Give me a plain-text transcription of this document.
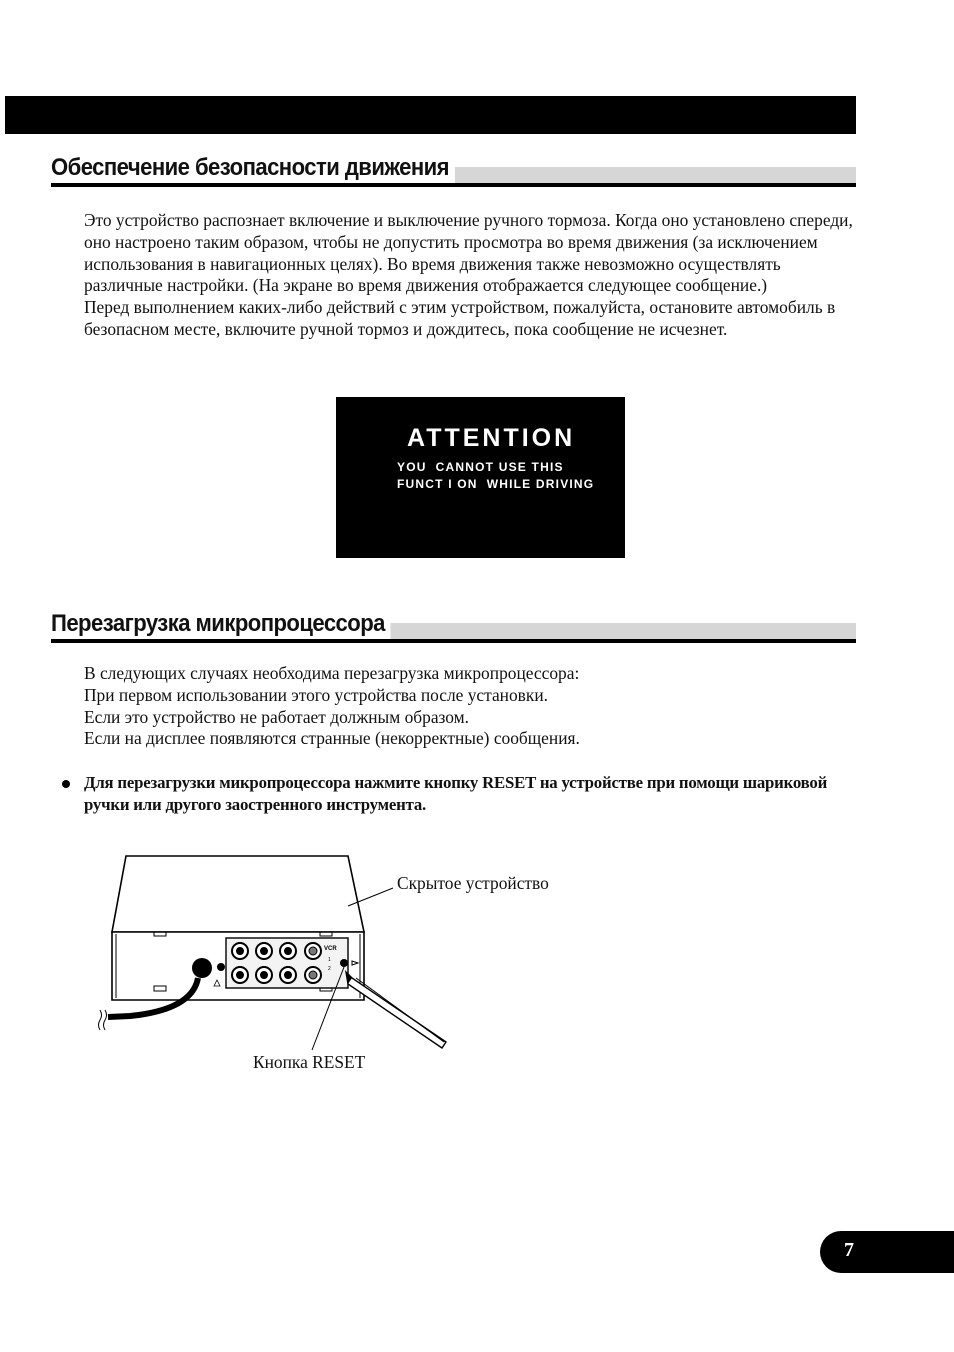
Обеспечение безопасности движения

Это устройство распознает включение и выключение ручного тормоза. Когда оно установлено спереди, оно настроено таким образом, чтобы не допустить просмотра во время движения (за исключением использования в навигационных целях). Во время движения также невозможно осуществлять различные настройки. (На экране во время движения отображается следующее сообщение.)

Перед выполнением каких-либо действий с этим устройством, пожалуйста, остановите автомобиль в безопасном месте, включите ручной тормоз и дождитесь, пока сообщение не исчезнет.

ATTENTION
YOU  CANNOT USE THIS
FUNCT I ON  WHILE DRIVING
Перезагрузка микропроцессора

В следующих случаях необходима перезагрузка микропроцессора:

При первом использовании этого устройства после установки.

Если это устройство не работает должным образом.

Если на дисплее появляются странные (некорректные) сообщения.

Для перезагрузки микропроцессора нажмите кнопку RESET на устройстве при помощи шариковой ручки или другого заостренного инструмента.
VCR
1
2
Скрытое устройство
Кнопка RESET
7
